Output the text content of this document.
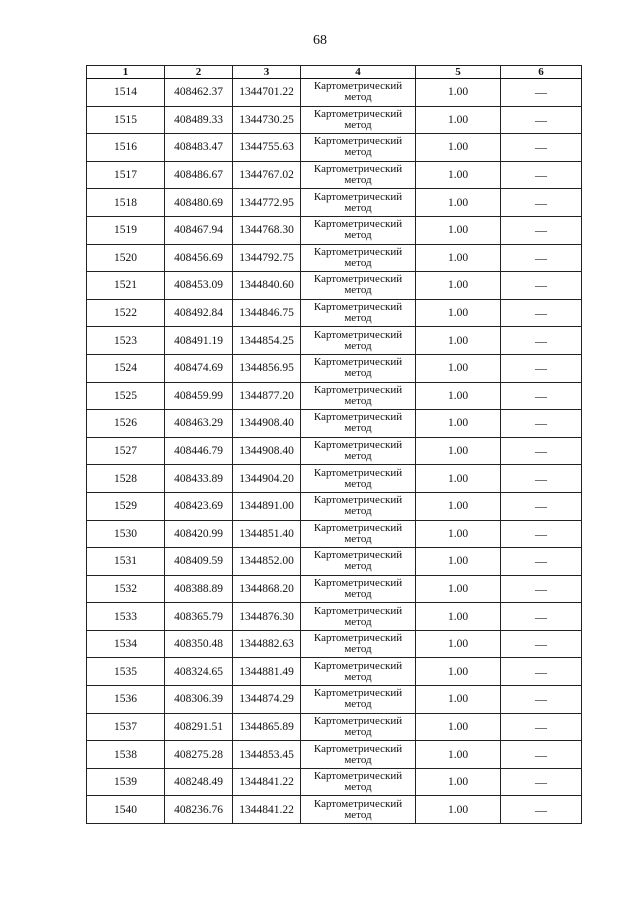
68
1	2	3	4	5	6
1514	408462.37	1344701.22	Картометрический
метод	1.00	—
1515	408489.33	1344730.25	Картометрический
метод	1.00	—
1516	408483.47	1344755.63	Картометрический
метод	1.00	—
1517	408486.67	1344767.02	Картометрический
метод	1.00	—
1518	408480.69	1344772.95	Картометрический
метод	1.00	—
1519	408467.94	1344768.30	Картометрический
метод	1.00	—
1520	408456.69	1344792.75	Картометрический
метод	1.00	—
1521	408453.09	1344840.60	Картометрический
метод	1.00	—
1522	408492.84	1344846.75	Картометрический
метод	1.00	—
1523	408491.19	1344854.25	Картометрический
метод	1.00	—
1524	408474.69	1344856.95	Картометрический
метод	1.00	—
1525	408459.99	1344877.20	Картометрический
метод	1.00	—
1526	408463.29	1344908.40	Картометрический
метод	1.00	—
1527	408446.79	1344908.40	Картометрический
метод	1.00	—
1528	408433.89	1344904.20	Картометрический
метод	1.00	—
1529	408423.69	1344891.00	Картометрический
метод	1.00	—
1530	408420.99	1344851.40	Картометрический
метод	1.00	—
1531	408409.59	1344852.00	Картометрический
метод	1.00	—
1532	408388.89	1344868.20	Картометрический
метод	1.00	—
1533	408365.79	1344876.30	Картометрический
метод	1.00	—
1534	408350.48	1344882.63	Картометрический
метод	1.00	—
1535	408324.65	1344881.49	Картометрический
метод	1.00	—
1536	408306.39	1344874.29	Картометрический
метод	1.00	—
1537	408291.51	1344865.89	Картометрический
метод	1.00	—
1538	408275.28	1344853.45	Картометрический
метод	1.00	—
1539	408248.49	1344841.22	Картометрический
метод	1.00	—
1540	408236.76	1344841.22	Картометрический
метод	1.00	—
